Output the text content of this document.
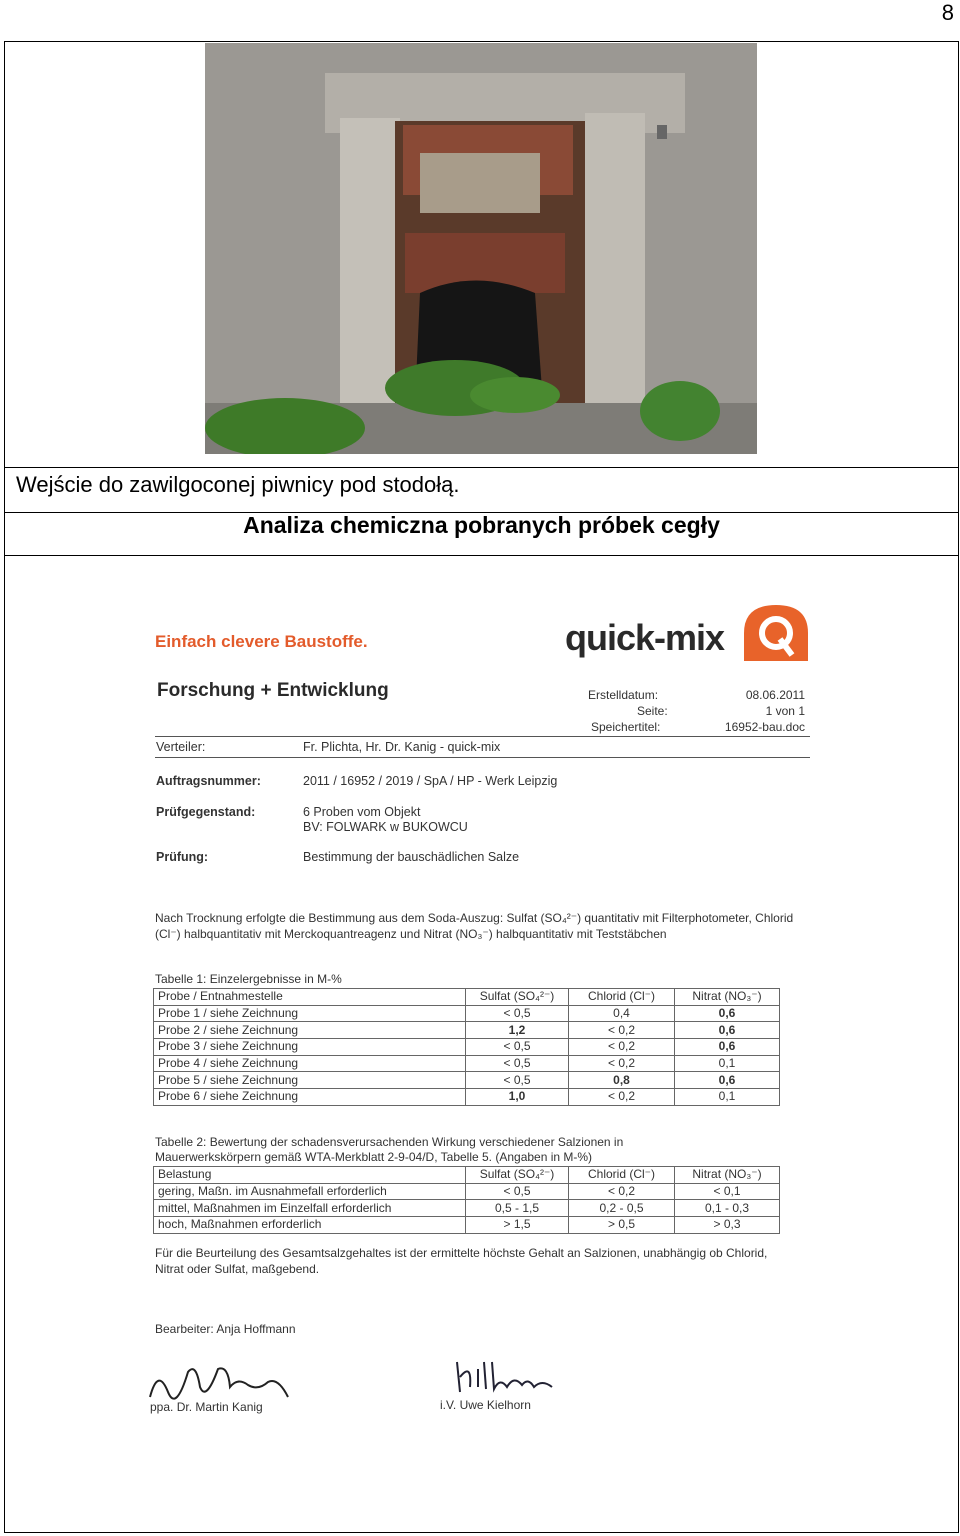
8
Wejście do zawilgoconej piwnicy pod stodołą.
Analiza chemiczna pobranych próbek cegły
Einfach clevere Baustoffe.	quick-mix
Forschung + Entwicklung	Erstelldatum:	08.06.2011
Seite:	1 von 1
Speichertitel:	16952-bau.doc
Verteiler:	Fr. Plichta, Hr. Dr. Kanig - quick-mix
Auftragsnummer:	2011 / 16952 / 2019 / SpA / HP - Werk Leipzig
Prüfgegenstand:	6 Proben vom Objekt
BV: FOLWARK w BUKOWCU
Prüfung:	Bestimmung der bauschädlichen Salze
Nach Trocknung erfolgte die Bestimmung aus dem Soda-Auszug: Sulfat (SO₄²⁻) quantitativ mit Filterphotometer, Chlorid (Cl⁻) halbquantitativ mit Merckoquantreagenz und Nitrat (NO₃⁻) halbquantitativ mit Teststäbchen
Tabelle 1: Einzelergebnisse in M-%
Probe / Entnahmestelle	Sulfat (SO₄²⁻)	Chlorid (Cl⁻)	Nitrat (NO₃⁻)
Probe 1 / siehe Zeichnung	< 0,5	0,4	0,6
Probe 2 / siehe Zeichnung	1,2	< 0,2	0,6
Probe 3 / siehe Zeichnung	< 0,5	< 0,2	0,6
Probe 4 / siehe Zeichnung	< 0,5	< 0,2	0,1
Probe 5 / siehe Zeichnung	< 0,5	0,8	0,6
Probe 6 / siehe Zeichnung	1,0	< 0,2	0,1
Tabelle 2: Bewertung der schadensverursachenden Wirkung verschiedener Salzionen in
Mauerwerkskörpern gemäß WTA-Merkblatt 2-9-04/D, Tabelle 5. (Angaben in M-%)
Belastung	Sulfat (SO₄²⁻)	Chlorid (Cl⁻)	Nitrat (NO₃⁻)
gering, Maßn. im Ausnahmefall erforderlich	< 0,5	< 0,2	< 0,1
mittel, Maßnahmen im Einzelfall erforderlich	0,5 - 1,5	0,2 - 0,5	0,1 - 0,3
hoch, Maßnahmen erforderlich	> 1,5	> 0,5	> 0,3
Für die Beurteilung des Gesamtsalzgehaltes ist der ermittelte höchste Gehalt an Salzionen, unabhängig ob Chlorid, Nitrat oder Sulfat, maßgebend.
Bearbeiter: Anja Hoffmann
ppa. Dr. Martin Kanig	i.V. Uwe Kielhorn
